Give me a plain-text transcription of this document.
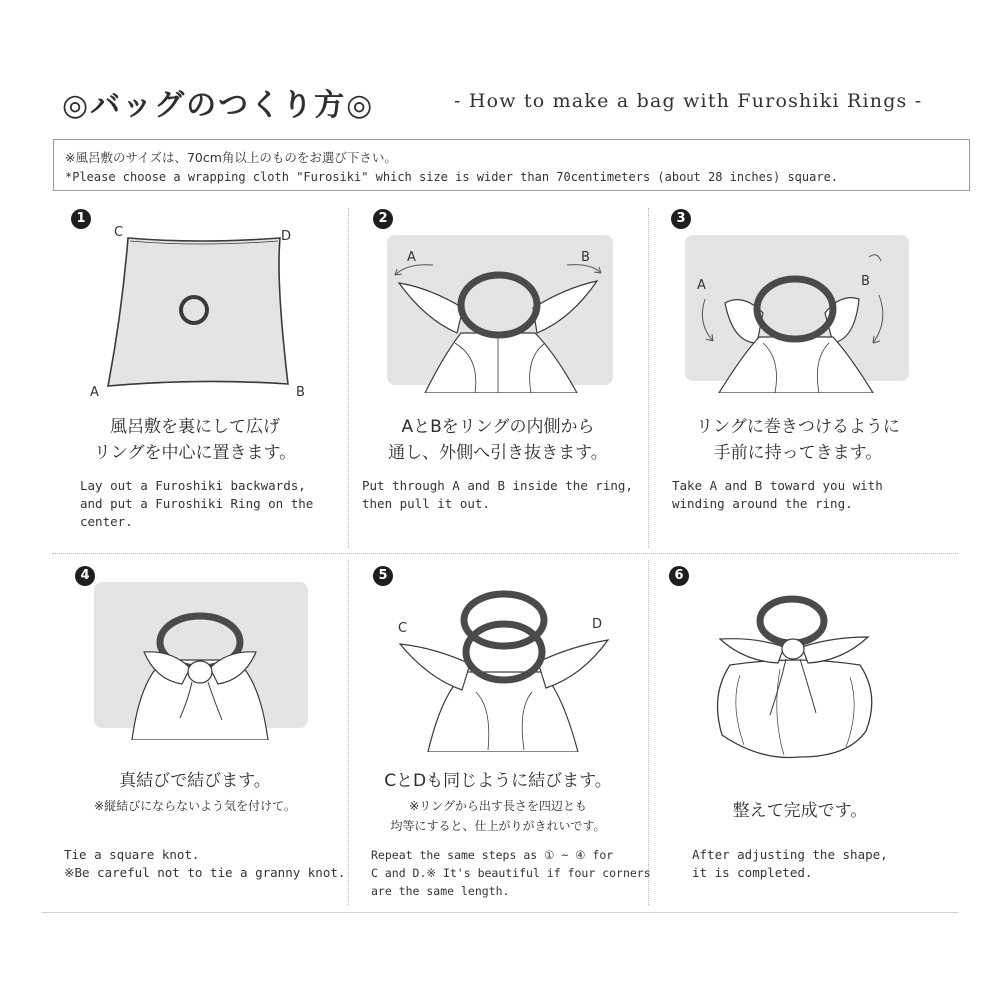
◎バッグのつくり方◎	- How to make a bag with Furoshiki Rings -
※風呂敷のサイズは、70cm角以上のものをお選び下さい。
*Please choose a wrapping cloth "Furosiki" which size is wider than 70centimeters (about 28 inches) square.
1
C	D
A	B
風呂敷を裏にして広げ
リングを中心に置きます。
Lay out a Furoshiki backwards,
and put a Furoshiki Ring on the
center.
2
A	B
AとBをリングの内側から
通し、外側へ引き抜きます。
Put through A and B inside the ring,
then pull it out.
3
A	B
リングに巻きつけるように
手前に持ってきます。
Take A and B toward you with
winding around the ring.
4
真結びで結びます。
※縦結びにならないよう気を付けて。
Tie a square knot.
※Be careful not to tie a granny knot.
5
C	D
CとDも同じように結びます。
※リングから出す長さを四辺とも
均等にすると、仕上がりがきれいです。
Repeat the same steps as ① ~ ④ for
C and D.※ It's beautiful if four corners
are the same length.
6
整えて完成です。
After adjusting the shape,
it is completed.
